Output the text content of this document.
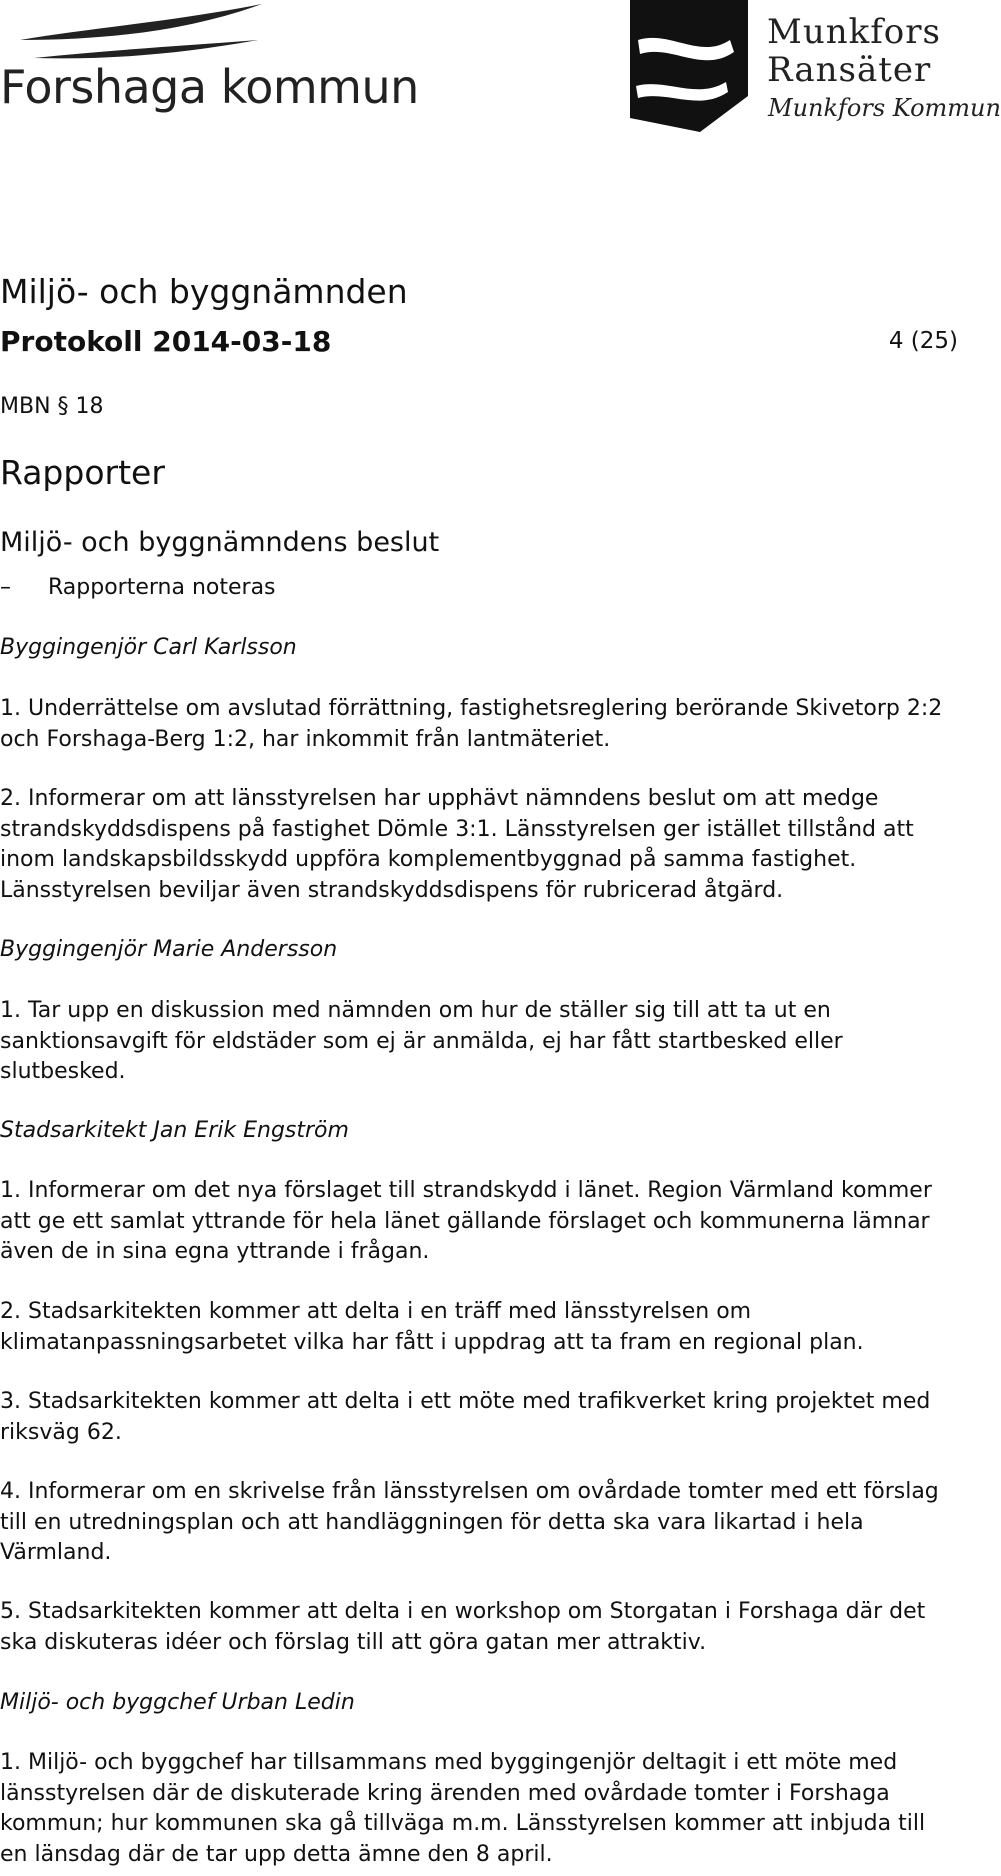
Forshaga kommun
Munkfors
Ransäter
Munkfors Kommun
Miljö- och byggnämnden
Protokoll 2014-03-18	4 (25)
MBN § 18
Rapporter
Miljö- och byggnämndens beslut
– Rapporterna noteras
Byggingenjör Carl Karlsson
1. Underrättelse om avslutad förrättning, fastighetsreglering berörande Skivetorp 2:2 och Forshaga-Berg 1:2, har inkommit från lantmäteriet.
2. Informerar om att länsstyrelsen har upphävt nämndens beslut om att medge strandskyddsdispens på fastighet Dömle 3:1. Länsstyrelsen ger istället tillstånd att inom landskapsbildsskydd uppföra komplementbyggnad på samma fastighet. Länsstyrelsen beviljar även strandskyddsdispens för rubricerad åtgärd.
Byggingenjör Marie Andersson
1. Tar upp en diskussion med nämnden om hur de ställer sig till att ta ut en sanktionsavgift för eldstäder som ej är anmälda, ej har fått startbesked eller slutbesked.
Stadsarkitekt Jan Erik Engström
1. Informerar om det nya förslaget till strandskydd i länet. Region Värmland kommer att ge ett samlat yttrande för hela länet gällande förslaget och kommunerna lämnar även de in sina egna yttrande i frågan.
2. Stadsarkitekten kommer att delta i en träff med länsstyrelsen om klimatanpassningsarbetet vilka har fått i uppdrag att ta fram en regional plan.
3. Stadsarkitekten kommer att delta i ett möte med trafikverket kring projektet med riksväg 62.
4. Informerar om en skrivelse från länsstyrelsen om ovårdade tomter med ett förslag till en utredningsplan och att handläggningen för detta ska vara likartad i hela Värmland.
5. Stadsarkitekten kommer att delta i en workshop om Storgatan i Forshaga där det ska diskuteras idéer och förslag till att göra gatan mer attraktiv.
Miljö- och byggchef Urban Ledin
1. Miljö- och byggchef har tillsammans med byggingenjör deltagit i ett möte med länsstyrelsen där de diskuterade kring ärenden med ovårdade tomter i Forshaga kommun; hur kommunen ska gå tillväga m.m. Länsstyrelsen kommer att inbjuda till en länsdag där de tar upp detta ämne den 8 april.
